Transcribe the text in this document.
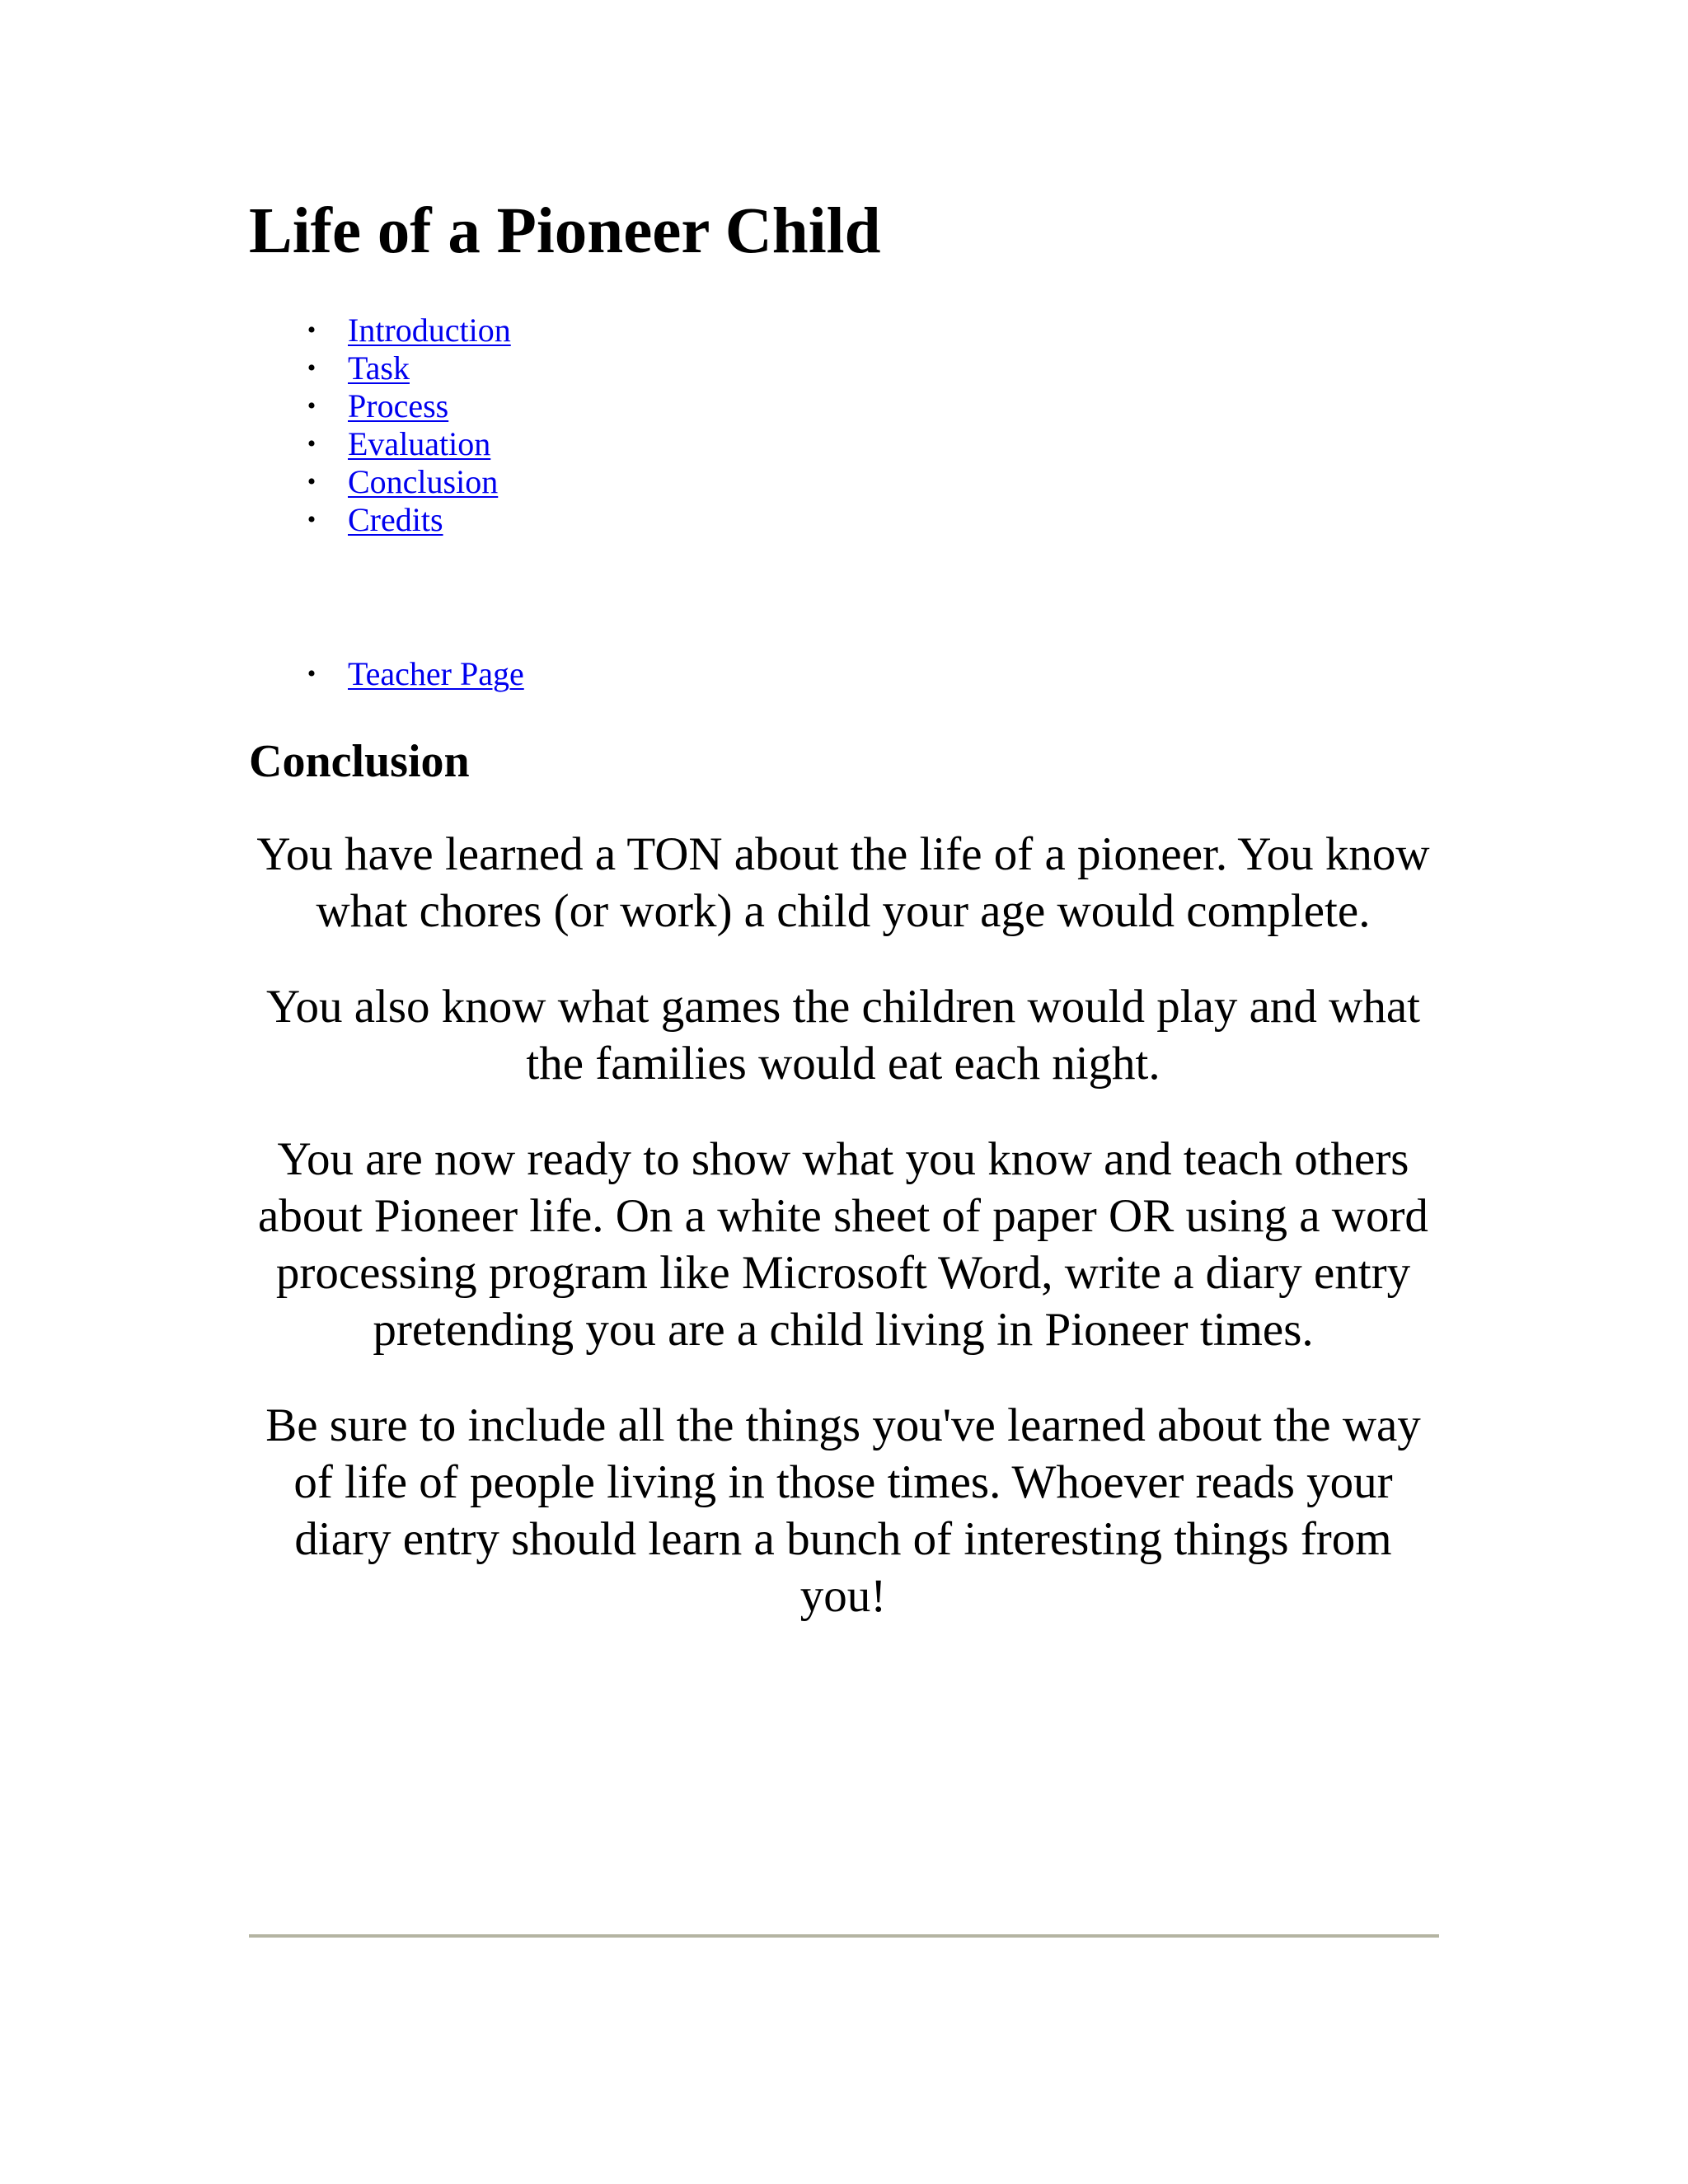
Life of a Pioneer Child
• Introduction
• Task
• Process
• Evaluation
• Conclusion
• Credits
• Teacher Page
Conclusion

You have learned a TON about the life of a pioneer. You know what chores (or work) a child your age would complete.

You also know what games the children would play and what the families would eat each night.

You are now ready to show what you know and teach others about Pioneer life. On a white sheet of paper OR using a word processing program like Microsoft Word, write a diary entry pretending you are a child living in Pioneer times.

Be sure to include all the things you've learned about the way of life of people living in those times. Whoever reads your diary entry should learn a bunch of interesting things from you!
